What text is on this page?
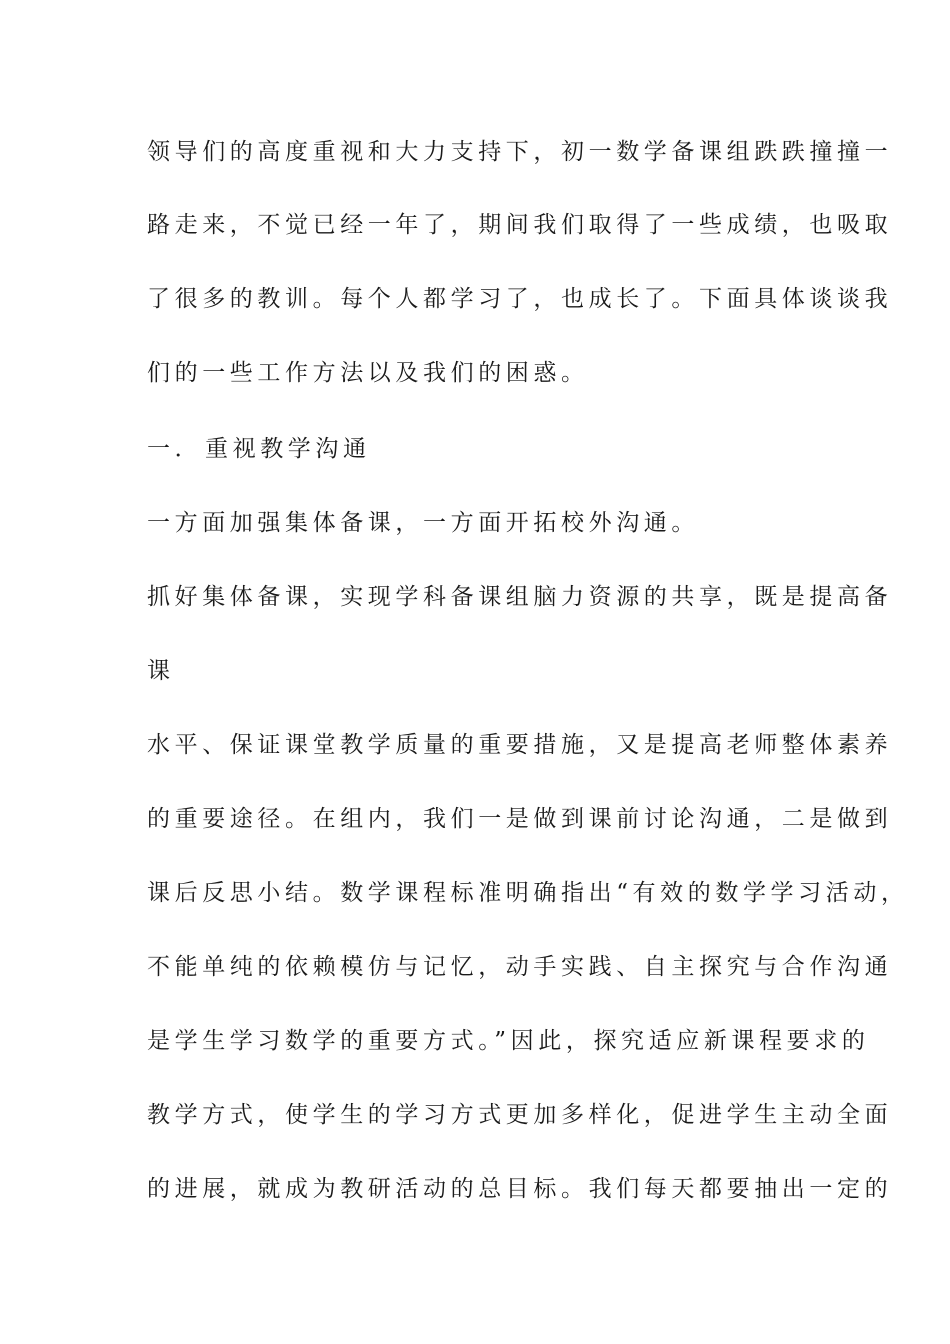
领导们的高度重视和大力支持下，初一数学备课组跌跌撞撞一
路走来，不觉已经一年了，期间我们取得了一些成绩，也吸取
了很多的教训。每个人都学习了，也成长了。下面具体谈谈我
们的一些工作方法以及我们的困惑。
一． 重视教学沟通
一方面加强集体备课，一方面开拓校外沟通。
抓好集体备课，实现学科备课组脑力资源的共享，既是提高备
课
水平、保证课堂教学质量的重要措施，又是提高老师整体素养
的重要途径。在组内，我们一是做到课前讨论沟通，二是做到
课后反思小结。数学课程标准明确指出“有效的数学学习活动，
不能单纯的依赖模仿与记忆，动手实践、自主探究与合作沟通
是学生学习数学的重要方式。”因此，探究适应新课程要求的
教学方式，使学生的学习方式更加多样化，促进学生主动全面
的进展，就成为教研活动的总目标。我们每天都要抽出一定的
